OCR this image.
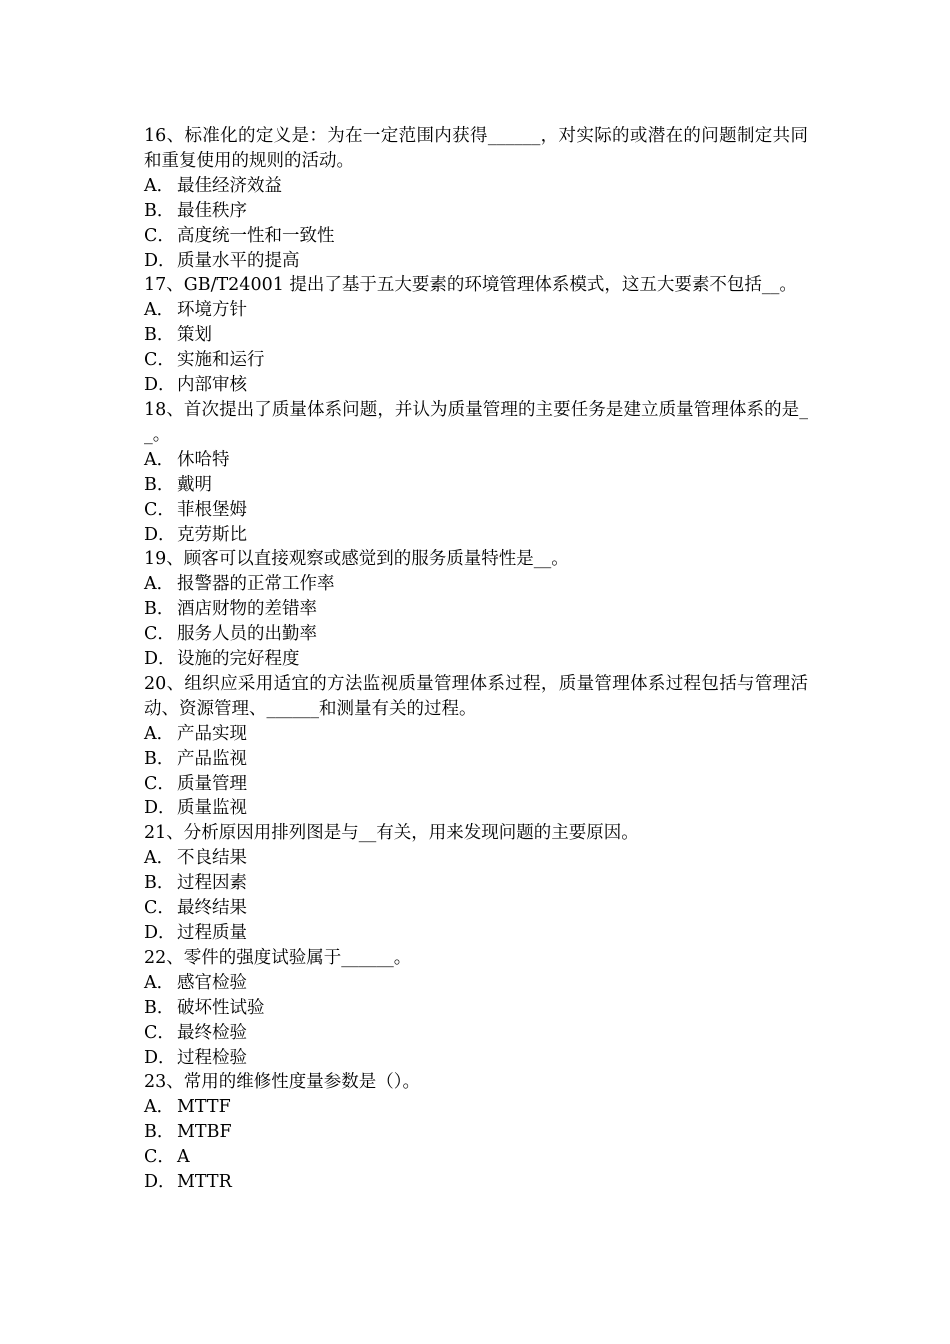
16、标准化的定义是：为在一定范围内获得______，对实际的或潜在的问题制定共同和重复使用的规则的活动。
A． 最佳经济效益
B． 最佳秩序
C． 高度统一性和一致性
D．质量水平的提高
17、GB/T24001 提出了基于五大要素的环境管理体系模式，这五大要素不包括__。
A． 环境方针
B． 策划
C． 实施和运行
D．内部审核
18、首次提出了质量体系问题，并认为质量管理的主要任务是建立质量管理体系的是__。
A． 休哈特
B． 戴明
C． 菲根堡姆
D．克劳斯比
19、顾客可以直接观察或感觉到的服务质量特性是__。
A． 报警器的正常工作率
B． 酒店财物的差错率
C． 服务人员的出勤率
D．设施的完好程度
20、组织应采用适宜的方法监视质量管理体系过程，质量管理体系过程包括与管理活动、资源管理、______和测量有关的过程。
A． 产品实现
B． 产品监视
C． 质量管理
D．质量监视
21、分析原因用排列图是与__有关，用来发现问题的主要原因。
A． 不良结果
B． 过程因素
C． 最终结果
D．过程质量
22、零件的强度试验属于______。
A． 感官检验
B． 破坏性试验
C． 最终检验
D．过程检验
23、常用的维修性度量参数是（）。
A． MTTF
B． MTBF
C． A
D．MTTR
